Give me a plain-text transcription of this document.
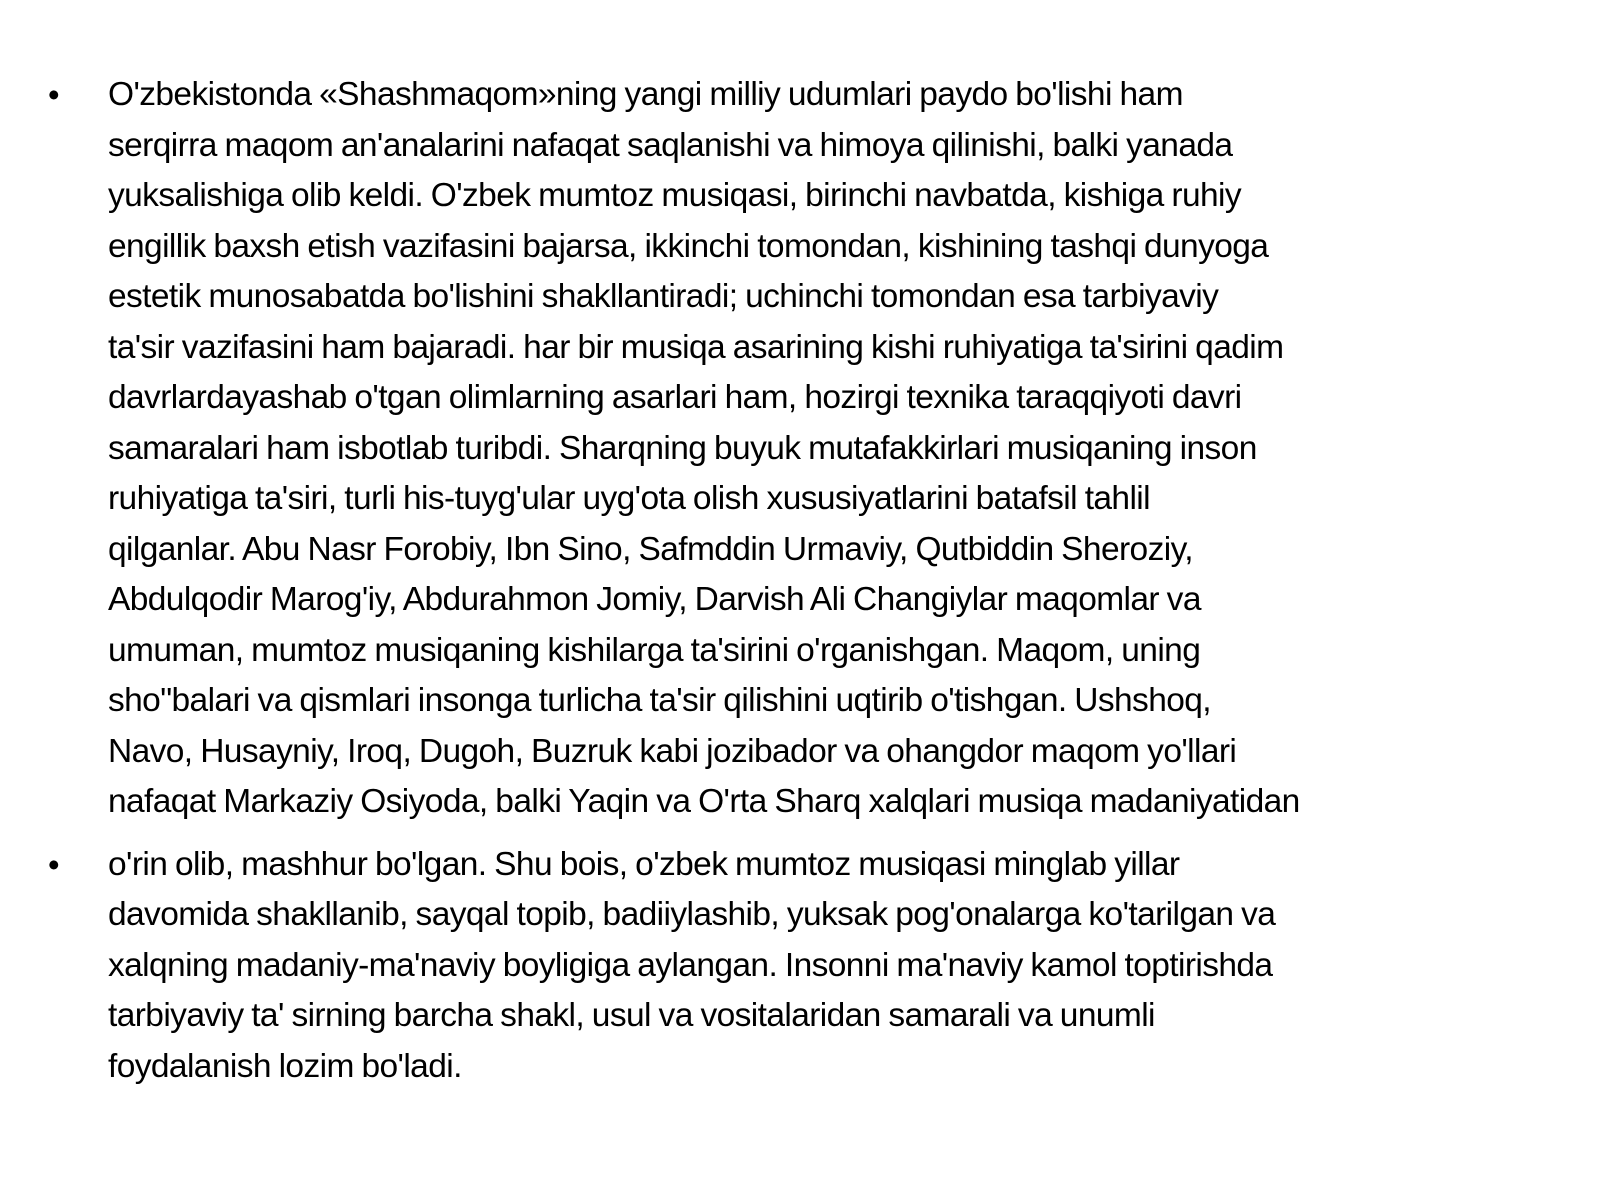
• O'zbekistonda «Shashmaqom»ning yangi milliy udumlari paydo bo'lishi ham
serqirra maqom an'analarini nafaqat saqlanishi va himoya qilinishi, balki yanada
yuksalishiga olib keldi. O'zbek mumtoz musiqasi, birinchi navbatda, kishiga ruhiy
engillik baxsh etish vazifasini bajarsa, ikkinchi tomondan, kishining tashqi dunyoga
estetik munosabatda bo'lishini shakllantiradi; uchinchi tomondan esa tarbiyaviy
ta'sir vazifasini ham bajaradi. har bir musiqa asarining kishi ruhiyatiga ta'sirini qadim
davrlardayashab o'tgan olimlarning asarlari ham, hozirgi texnika taraqqiyoti davri
samaralari ham isbotlab turibdi. Sharqning buyuk mutafakkirlari musiqaning inson
ruhiyatiga ta'siri, turli his-tuyg'ular uyg'ota olish xususiyatlarini batafsil tahlil
qilganlar. Abu Nasr Forobiy, Ibn Sino, Safmddin Urmaviy, Qutbiddin Sheroziy,
Abdulqodir Marog'iy, Abdurahmon Jomiy, Darvish Ali Changiylar maqomlar va
umuman, mumtoz musiqaning kishilarga ta'sirini o'rganishgan. Maqom, uning
sho"balari va qismlari insonga turlicha ta'sir qilishini uqtirib o'tishgan. Ushshoq,
Navo, Husayniy, Iroq, Dugoh, Buzruk kabi jozibador va ohangdor maqom yo'llari
nafaqat Markaziy Osiyoda, balki Yaqin va O'rta Sharq xalqlari musiqa madaniyatidan
• o'rin olib, mashhur bo'lgan. Shu bois, o'zbek mumtoz musiqasi minglab yillar
davomida shakllanib, sayqal topib, badiiylashib, yuksak pog'onalarga ko'tarilgan va
xalqning madaniy-ma'naviy boyligiga aylangan. Insonni ma'naviy kamol toptirishda
tarbiyaviy ta' sirning barcha shakl, usul va vositalaridan samarali va unumli
foydalanish lozim bo'ladi.
